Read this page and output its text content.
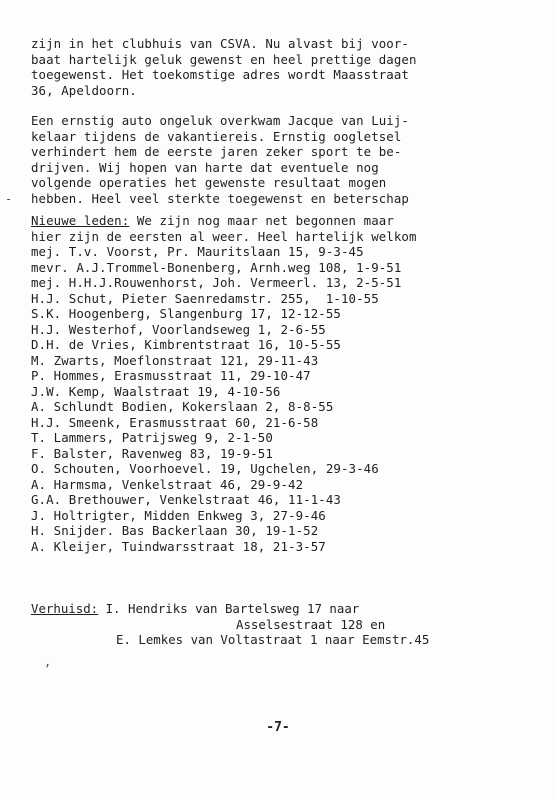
zijn in het clubhuis van CSVA. Nu alvast bij voor-
baat hartelijk geluk gewenst en heel prettige dagen
toegewenst. Het toekomstige adres wordt Maasstraat
36, Apeldoorn.
Een ernstig auto ongeluk overkwam Jacque van Luij-
kelaar tijdens de vakantiereis. Ernstig oogletsel
verhindert hem de eerste jaren zeker sport te be-
drijven. Wij hopen van harte dat eventuele nog
volgende operaties het gewenste resultaat mogen
hebben. Heel veel sterkte toegewenst en beterschap
Nieuwe leden: We zijn nog maar net begonnen maar
hier zijn de eersten al weer. Heel hartelijk welkom
mej. T.v. Voorst, Pr. Mauritslaan 15, 9-3-45
mevr. A.J.Trommel-Bonenberg, Arnh.weg 108, 1-9-51
mej. H.H.J.Rouwenhorst, Joh. Vermeerl. 13, 2-5-51
H.J. Schut, Pieter Saenredamstr. 255,  1-10-55
S.K. Hoogenberg, Slangenburg 17, 12-12-55
H.J. Westerhof, Voorlandseweg 1, 2-6-55
D.H. de Vries, Kimbrentstraat 16, 10-5-55
M. Zwarts, Moeflonstraat 121, 29-11-43
P. Hommes, Erasmusstraat 11, 29-10-47
J.W. Kemp, Waalstraat 19, 4-10-56
A. Schlundt Bodien, Kokerslaan 2, 8-8-55
H.J. Smeenk, Erasmusstraat 60, 21-6-58
T. Lammers, Patrijsweg 9, 2-1-50
F. Balster, Ravenweg 83, 19-9-51
O. Schouten, Voorhoevel. 19, Ugchelen, 29-3-46
A. Harmsma, Venkelstraat 46, 29-9-42
G.A. Brethouwer, Venkelstraat 46, 11-1-43
J. Holtrigter, Midden Enkweg 3, 27-9-46
H. Snijder. Bas Backerlaan 30, 19-1-52
A. Kleijer, Tuindwarsstraat 18, 21-3-57
Verhuisd: I. Hendriks van Bartelsweg 17 naar
Asselsestraat 128 en
E. Lemkes van Voltastraat 1 naar Eemstr.45
-7-
-
,
